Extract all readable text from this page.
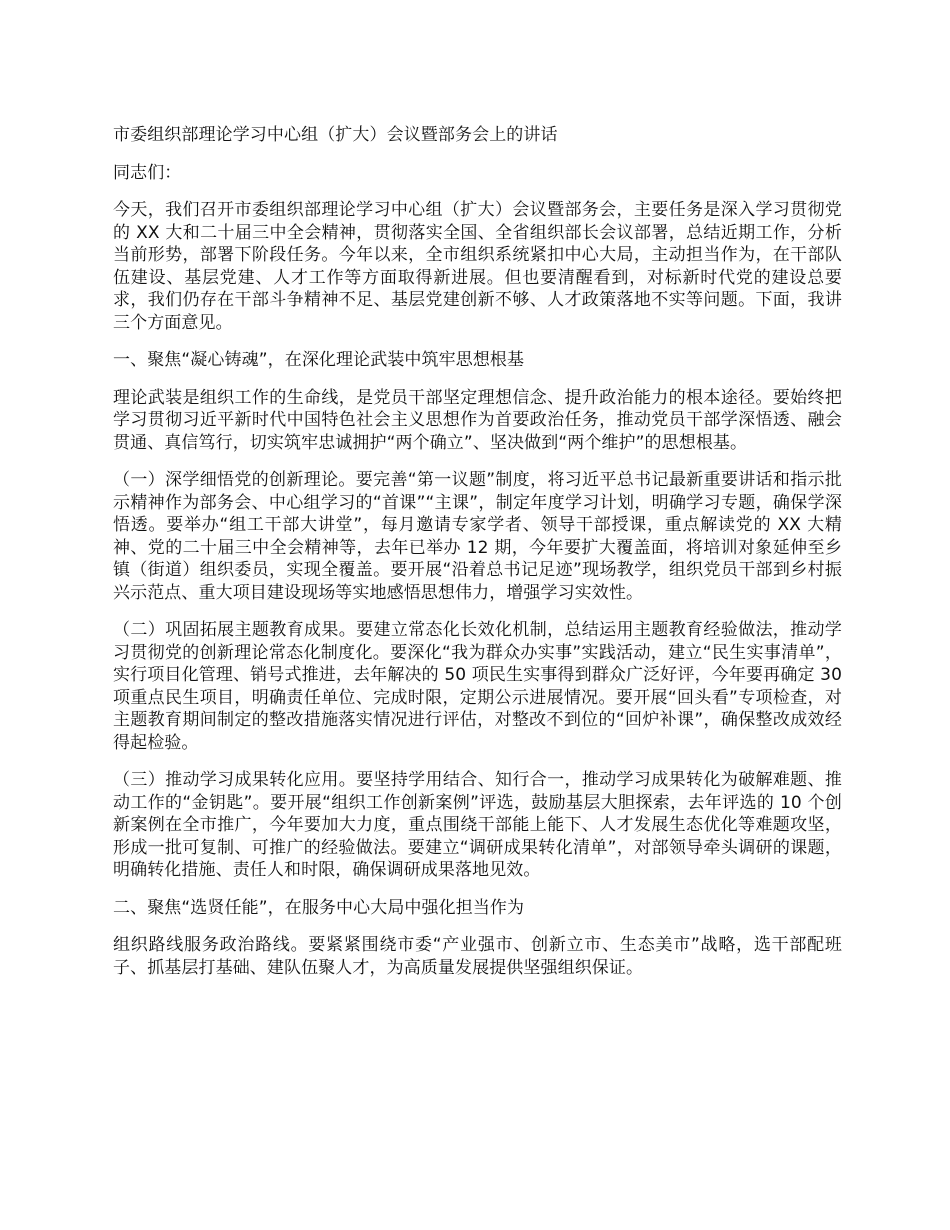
市委组织部理论学习中心组（扩大）会议暨部务会上的讲话

同志们：

今天，我们召开市委组织部理论学习中心组（扩大）会议暨部务会，主要任务是深入学习贯彻党的 XX 大和二十届三中全会精神，贯彻落实全国、全省组织部长会议部署，总结近期工作，分析当前形势，部署下阶段任务。今年以来，全市组织系统紧扣中心大局，主动担当作为，在干部队伍建设、基层党建、人才工作等方面取得新进展。但也要清醒看到，对标新时代党的建设总要求，我们仍存在干部斗争精神不足、基层党建创新不够、人才政策落地不实等问题。下面，我讲三个方面意见。

一、聚焦“凝心铸魂”，在深化理论武装中筑牢思想根基

理论武装是组织工作的生命线，是党员干部坚定理想信念、提升政治能力的根本途径。要始终把学习贯彻习近平新时代中国特色社会主义思想作为首要政治任务，推动党员干部学深悟透、融会贯通、真信笃行，切实筑牢忠诚拥护“两个确立”、坚决做到“两个维护”的思想根基。

（一）深学细悟党的创新理论。要完善“第一议题”制度，将习近平总书记最新重要讲话和指示批示精神作为部务会、中心组学习的“首课”“主课”，制定年度学习计划，明确学习专题，确保学深悟透。要举办“组工干部大讲堂”，每月邀请专家学者、领导干部授课，重点解读党的 XX 大精神、党的二十届三中全会精神等，去年已举办 12 期，今年要扩大覆盖面，将培训对象延伸至乡镇（街道）组织委员，实现全覆盖。要开展“沿着总书记足迹”现场教学，组织党员干部到乡村振兴示范点、重大项目建设现场等实地感悟思想伟力，增强学习实效性。

（二）巩固拓展主题教育成果。要建立常态化长效化机制，总结运用主题教育经验做法，推动学习贯彻党的创新理论常态化制度化。要深化“我为群众办实事”实践活动，建立“民生实事清单”，实行项目化管理、销号式推进，去年解决的 50 项民生实事得到群众广泛好评，今年要再确定 30 项重点民生项目，明确责任单位、完成时限，定期公示进展情况。要开展“回头看”专项检查，对主题教育期间制定的整改措施落实情况进行评估，对整改不到位的“回炉补课”，确保整改成效经得起检验。

（三）推动学习成果转化应用。要坚持学用结合、知行合一，推动学习成果转化为破解难题、推动工作的“金钥匙”。要开展“组织工作创新案例”评选，鼓励基层大胆探索，去年评选的 10 个创新案例在全市推广，今年要加大力度，重点围绕干部能上能下、人才发展生态优化等难题攻坚，形成一批可复制、可推广的经验做法。要建立“调研成果转化清单”，对部领导牵头调研的课题，明确转化措施、责任人和时限，确保调研成果落地见效。

二、聚焦“选贤任能”，在服务中心大局中强化担当作为

组织路线服务政治路线。要紧紧围绕市委“产业强市、创新立市、生态美市”战略，选干部配班子、抓基层打基础、建队伍聚人才，为高质量发展提供坚强组织保证。
